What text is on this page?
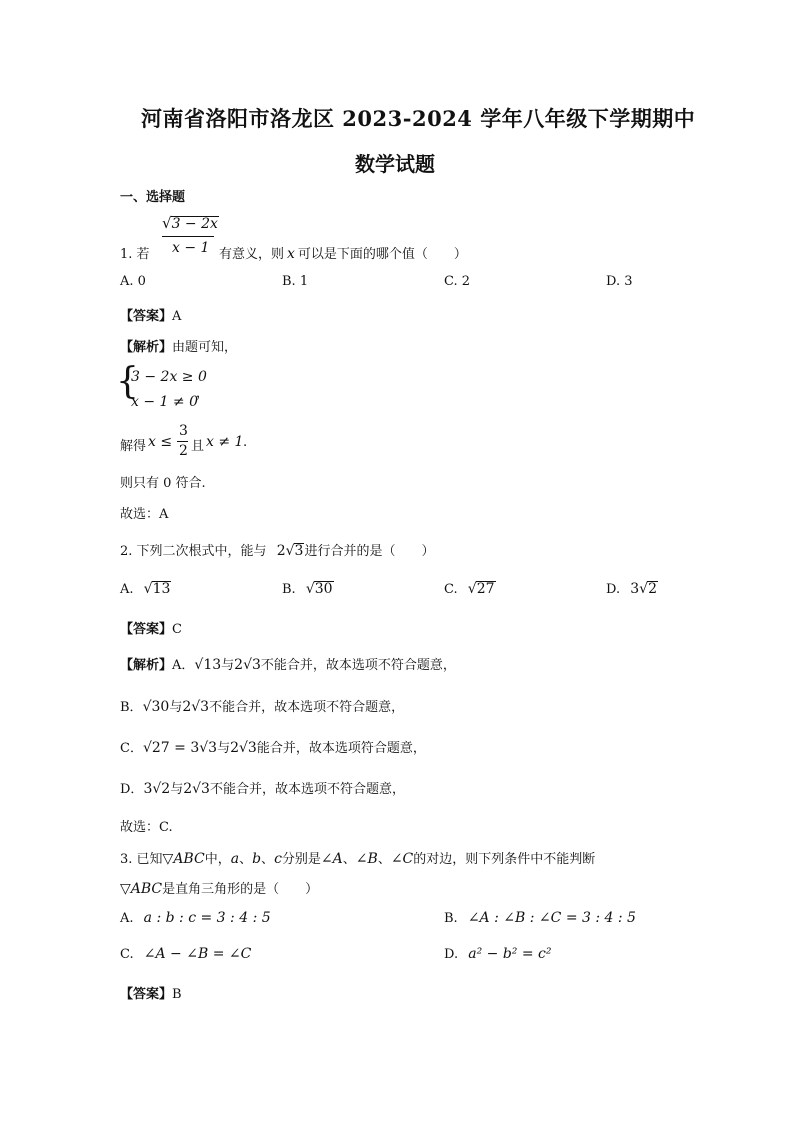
河南省洛阳市洛龙区 2023-2024 学年八年级下学期期中
数学试题
一、选择题
√3 − 2x
x − 1
1. 若	有意义，则 x 可以是下面的哪个值（　　）
A. 0	B. 1	C. 2	D. 3
【答案】A
【解析】由题可知，
{
3 − 2x ≥ 0
x − 1 ≠ 0
，
解得 x ≤
3
2 且 x ≠ 1 .
则只有 0 符合.
故选：A
2. 下列二次根式中，能与 2√3进行合并的是（　　）
A. √13	B. √30	C. √27	D. 3√2
【答案】C
【解析】A．√13与2√3不能合并，故本选项不符合题意，
B．√30与2√3不能合并，故本选项不符合题意，
C．√27 = 3√3与2√3能合并，故本选项符合题意，
D．3√2与2√3不能合并，故本选项不符合题意，
故选：C.
3. 已知▽ABC中，a、b、c分别是∠A、∠B、∠C的对边，则下列条件中不能判断
▽ABC是直角三角形的是（　　）
A. a : b : c = 3 : 4 : 5	B. ∠A : ∠B : ∠C = 3 : 4 : 5
C. ∠A − ∠B = ∠C	D. a² − b² = c²
【答案】B
